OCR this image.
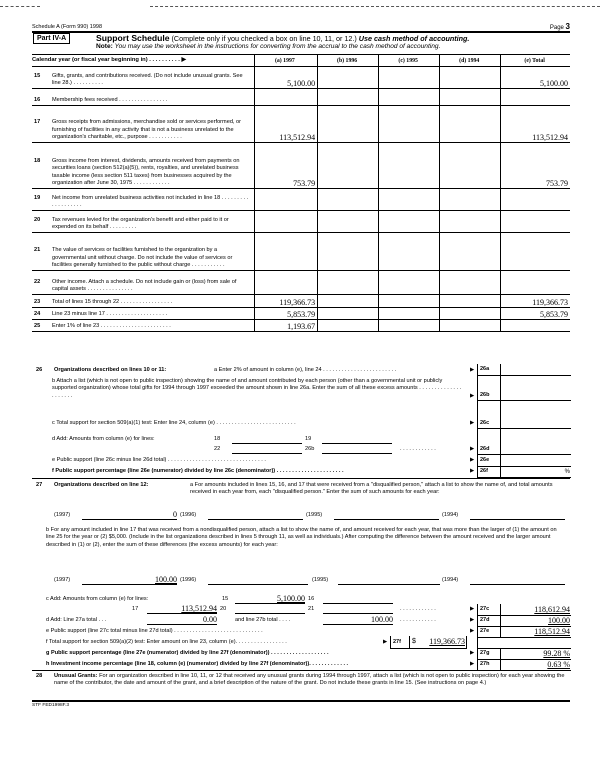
Schedule A (Form 990) 1998	Page 3
Part IV-A	Support Schedule (Complete only if you checked a box on line 10, 11, or 12.) Use cash method of accounting.
Note: You may use the worksheet in the instructions for converting from the accrual to the cash method of accounting.
Calendar year (or fiscal year beginning in) . . . . . . . . . . ▶	(a) 1997	(b) 1996	(c) 1995	(d) 1994	(e) Total
15 Gifts, grants, and contributions received. (Do not include unusual grants. See line 28.) . . . . . . . . . .	5,100.00				5,100.00
16 Membership fees received . . . . . . . . . . . . . . . .					
17 Gross receipts from admissions, merchandise sold or services performed, or furnishing of facilities in any activity that is not a business unrelated to the organization's charitable, etc., purpose . . . . . . . . . . .	113,512.94				113,512.94
18 Gross income from interest, dividends, amounts received from payments on securities loans (section 512(a)(5)), rents, royalties, and unrelated business taxable income (less section 511 taxes) from businesses acquired by the organization after June 30, 1975 . . . . . . . . . . . .	753.79				753.79
19 Net income from unrelated business activities not included in line 18 . . . . . . . . . . . . . . . . . . .					
20 Tax revenues levied for the organization's benefit and either paid to it or expended on its behalf . . . . . . . . .					
21 The value of services or facilities furnished to the organization by a governmental unit without charge. Do not include the value of services or facilities generally furnished to the public without charge . . . . . . . . . . .					
22 Other income. Attach a schedule. Do not include gain or (loss) from sale of capital assets . . . . . . . . . . . . . . .					
23 Total of lines 15 through 22 . . . . . . . . . . . . . . . . .	119,366.73				119,366.73
24 Line 23 minus line 17 . . . . . . . . . . . . . . . . . . . .	5,853.79				5,853.79
25 Enter 1% of line 23 . . . . . . . . . . . . . . . . . . . . . . .	1,193.67				
26 Organizations described on lines 10 or 11:	a Enter 2% of amount in column (e), line 24 . . . . . . . . . . . . . . . . . . . . . . . .	▶	26a
b Attach a list (which is not open to public inspection) showing the name of and amount contributed by each person (other than a governmental unit or publicly supported organization) whose total gifts for 1994 through 1997 exceeded the amount shown in line 26a. Enter the sum of all these excess amounts . . . . . . . . . . . . . . . . . . . . .	▶	26b
c Total support for section 509(a)(1) test: Enter line 24, column (e) . . . . . . . . . . . . . . . . . . . . . . . . . .	▶	26c
d Add: Amounts from column (e) for lines:	18	19
22	26b	. . . . . . . . . . . .	▶	26d
e Public support (line 26c minus line 26d total) . . . . . . . . . . . . . . . . . . . . . . . . . . . . . . . .	▶	26e
f Public support percentage (line 26e (numerator) divided by line 26c (denominator)) . . . . . . . . . . . . . . . . . . . . . .	▶	26f	%
27 Organizations described on line 12:	a For amounts included in lines 15, 16, and 17 that were received from a "disqualified person," attach a list to show the name of, and total amounts received in each year from, each "disqualified person." Enter the sum of such amounts for each year:
(1997)	0 (1996)	(1995)	(1994)
b For any amount included in line 17 that was received from a nondisqualified person, attach a list to show the name of, and amount received for each year, that was more than the larger of (1) the amount on line 25 for the year or (2) $5,000. (Include in the list organizations described in lines 5 through 11, as well as individuals.) After computing the difference between the amount received and the larger amount described in (1) or (2), enter the sum of these differences (the excess amounts) for each year:
(1997)	100.00 (1996)	(1995)	(1994)
c Add: Amounts from column (e) for lines:	15	5,100.00 16
17	113,512.94 20	21	. . . . . . . . . . . .	▶	27c	118,612.94
d Add: Line 27a total . . .	0.00	and line 27b total . . . .	100.00 . . . . . . . . . . . .	▶	27d	100.00
e Public support (line 27c total minus line 27d total) . . . . . . . . . . . . . . . . . . . . . . . . . . . . .	▶	27e	118,512.94
f Total support for section 509(a)(2) test: Enter amount on line 23, column (e). . . . . . . . . . . . . . . . .	▶ 27f $ 119,366.73
g Public support percentage (line 27e (numerator) divided by line 27f (denominator)) . . . . . . . . . . . . . . . . . . .	▶	27g	99.28 %
h Investment income percentage (line 18, column (e) (numerator) divided by line 27f (denominator)). . . . . . . . . . . . .	▶	27h	0.63 %
28 Unusual Grants: For an organization described in line 10, 11, or 12 that received any unusual grants during 1994 through 1997, attach a list (which is not open to public inspection) for each year showing the name of the contributor, the date and amount of the grant, and a brief description of the nature of the grant. Do not include these grants in line 15. (See instructions on page 4.)
STF FED1998F.3
